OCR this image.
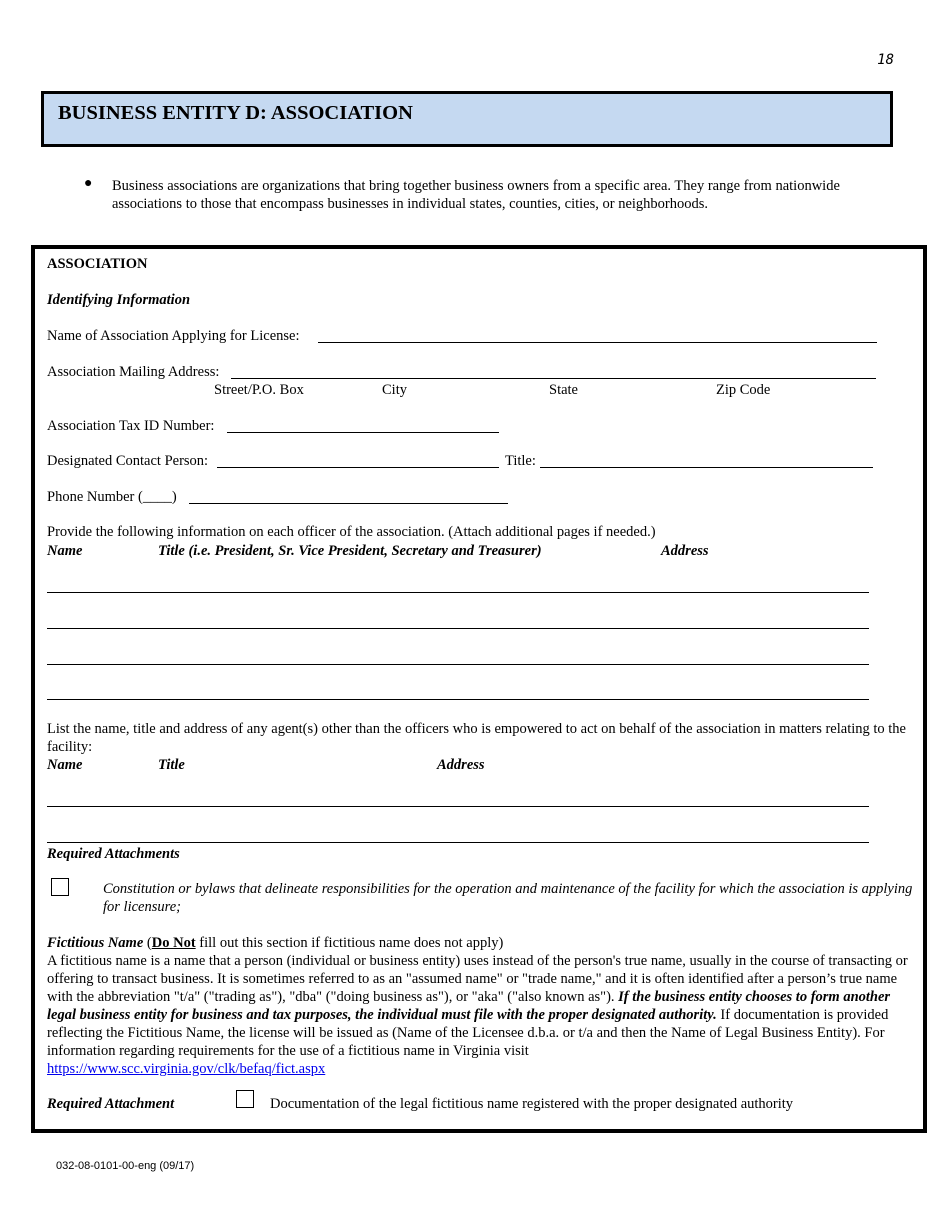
18
BUSINESS ENTITY D: ASSOCIATION
● Business associations are organizations that bring together business owners from a specific area. They range from nationwide associations to those that encompass businesses in individual states, counties, cities, or neighborhoods.
ASSOCIATION
Identifying Information
Name of Association Applying for License:
Association Mailing Address:
Street/P.O. Box	City	State	Zip Code
Association Tax ID Number:
Designated Contact Person:	Title:
Phone Number (____)
Provide the following information on each officer of the association. (Attach additional pages if needed.)
Name	Title (i.e. President, Sr. Vice President, Secretary and Treasurer)	Address
List the name, title and address of any agent(s) other than the officers who is empowered to act on behalf of the association in matters relating to the facility:
Name	Title	Address
Required Attachments
Constitution or bylaws that delineate responsibilities for the operation and maintenance of the facility for which the association is applying for licensure;
Fictitious Name (Do Not fill out this section if fictitious name does not apply)
A fictitious name is a name that a person (individual or business entity) uses instead of the person's true name, usually in the course of transacting or offering to transact business. It is sometimes referred to as an "assumed name" or "trade name," and it is often identified after a person’s true name with the abbreviation "t/a" ("trading as"), "dba" ("doing business as"), or "aka" ("also known as"). If the business entity chooses to form another legal business entity for business and tax purposes, the individual must file with the proper designated authority. If documentation is provided reflecting the Fictitious Name, the license will be issued as (Name of the Licensee d.b.a. or t/a and then the Name of Legal Business Entity). For information regarding requirements for the use of a fictitious name in Virginia visit
https://www.scc.virginia.gov/clk/befaq/fict.aspx
Required Attachment	Documentation of the legal fictitious name registered with the proper designated authority
032-08-0101-00-eng (09/17)
